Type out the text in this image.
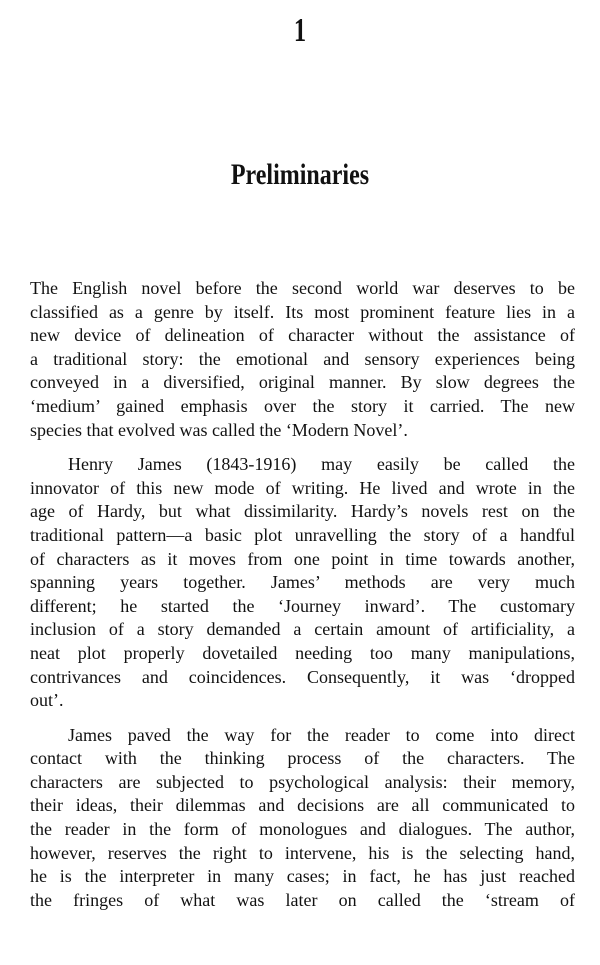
1
Preliminaries

The English novel before the second world war deserves to be
classified as a genre by itself. Its most prominent feature lies in a
new device of delineation of character without the assistance of
a traditional story: the emotional and sensory experiences being
conveyed in a diversified, original manner. By slow degrees the
‘medium’ gained emphasis over the story it carried. The new
species that evolved was called the ‘Modern Novel’.

Henry James (1843-1916) may easily be called the
innovator of this new mode of writing. He lived and wrote in the
age of Hardy, but what dissimilarity. Hardy’s novels rest on the
traditional pattern—a basic plot unravelling the story of a handful
of characters as it moves from one point in time towards another,
spanning years together. James’ methods are very much
different; he started the ‘Journey inward’. The customary
inclusion of a story demanded a certain amount of artificiality, a
neat plot properly dovetailed needing too many manipulations,
contrivances and coincidences. Consequently, it was ‘dropped
out’.

James paved the way for the reader to come into direct
contact with the thinking process of the characters. The
characters are subjected to psychological analysis: their memory,
their ideas, their dilemmas and decisions are all communicated to
the reader in the form of monologues and dialogues. The author,
however, reserves the right to intervene, his is the selecting hand,
he is the interpreter in many cases; in fact, he has just reached
the fringes of what was later on called the ‘stream of
